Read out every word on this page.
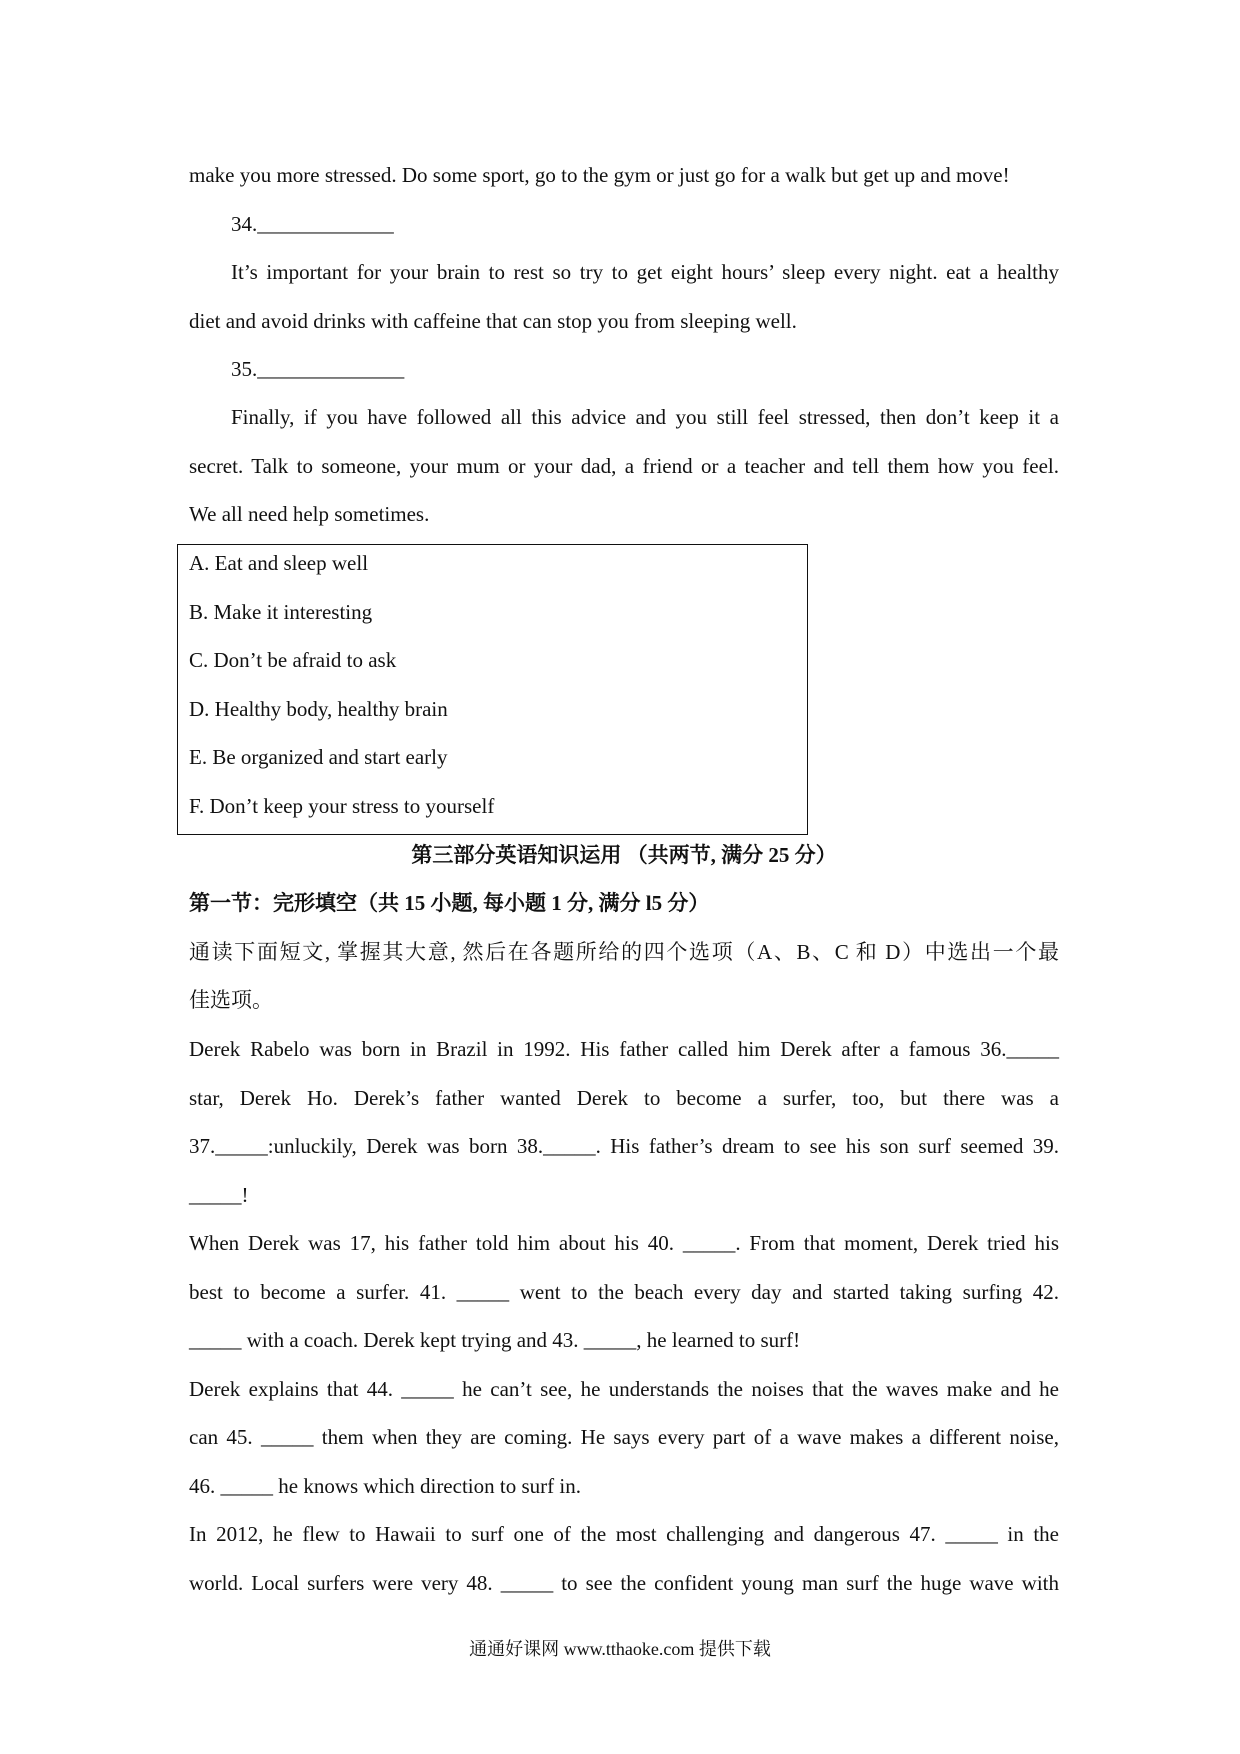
make you more stressed. Do some sport, go to the gym or just go for a walk but get up and move!
34._____________
It’s important for your brain to rest so try to get eight hours’ sleep every night. eat a healthy
diet and avoid drinks with caffeine that can stop you from sleeping well.
35.______________
Finally, if you have followed all this advice and you still feel stressed, then don’t keep it a
secret. Talk to someone, your mum or your dad, a friend or a teacher and tell them how you feel.
We all need help sometimes.
A. Eat and sleep well
B. Make it interesting
C. Don’t be afraid to ask
D. Healthy body, healthy brain
E. Be organized and start early
F. Don’t keep your stress to yourself
第三部分英语知识运用 （共两节, 满分 25 分）
第一节：完形填空（共 15 小题, 每小题 1 分, 满分 l5 分）
通读下面短文, 掌握其大意, 然后在各题所给的四个选项（A、B、C 和 D）中选出一个最
佳选项。
Derek Rabelo was born in Brazil in 1992. His father called him Derek after a famous 36._____
star, Derek Ho. Derek’s father wanted Derek to become a surfer, too, but there was a
37._____:unluckily, Derek was born 38._____. His father’s dream to see his son surf seemed 39.
_____!
When Derek was 17, his father told him about his 40. _____. From that moment, Derek tried his
best to become a surfer. 41. _____ went to the beach every day and started taking surfing 42.
_____ with a coach. Derek kept trying and 43. _____, he learned to surf!
Derek explains that 44. _____ he can’t see, he understands the noises that the waves make and he
can 45. _____ them when they are coming. He says every part of a wave makes a different noise,
46. _____ he knows which direction to surf in.
In 2012, he flew to Hawaii to surf one of the most challenging and dangerous 47. _____ in the
world. Local surfers were very 48. _____ to see the confident young man surf the huge wave with
通通好课网 www.tthaoke.com 提供下载
